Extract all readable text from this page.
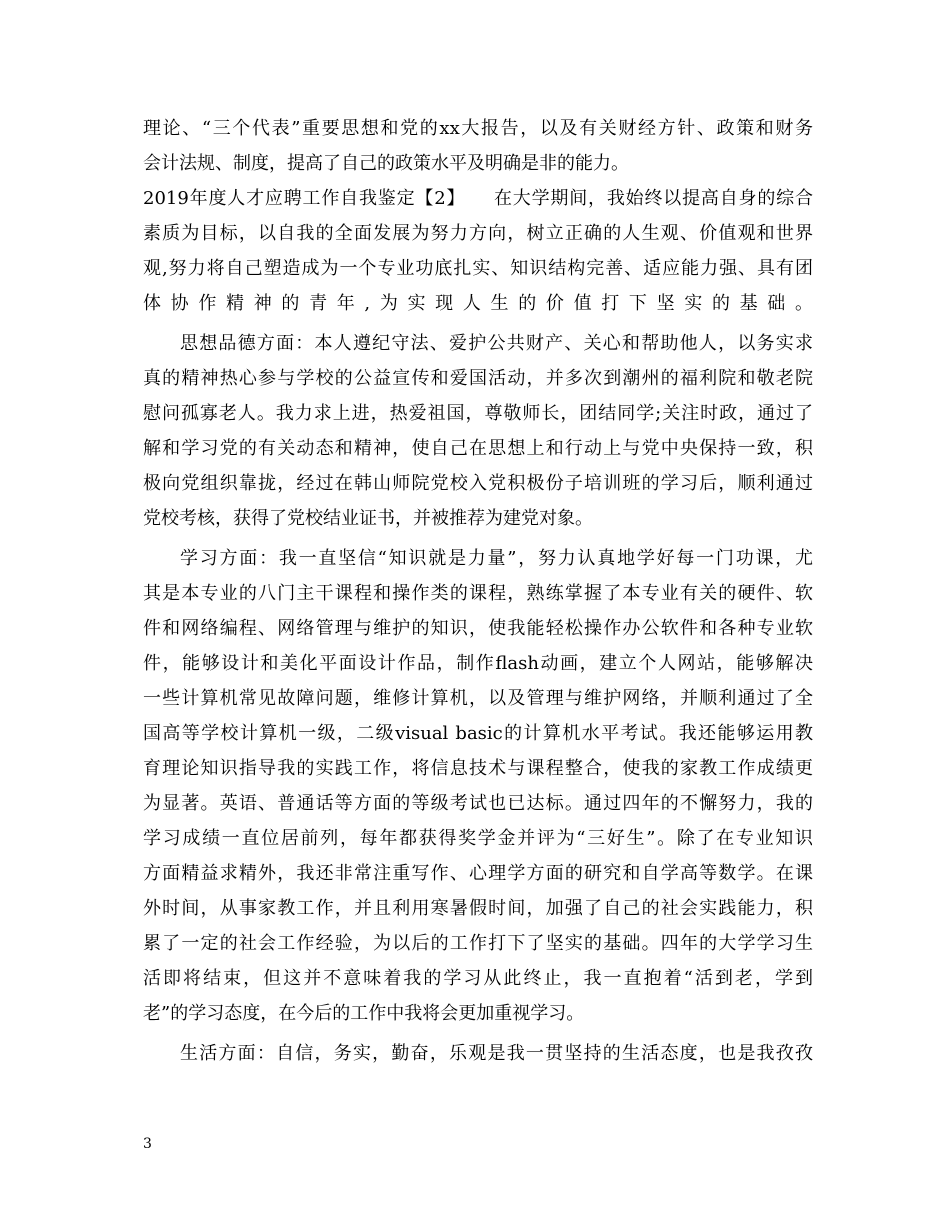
理论、“三个代表”重要思想和党的xx大报告，以及有关财经方针、政策和财务
会计法规、制度，提高了自己的政策水平及明确是非的能力。
2019年度人才应聘工作自我鉴定【2】　　在大学期间，我始终以提高自身的综合
素质为目标，以自我的全面发展为努力方向，树立正确的人生观、价值观和世界
观,努力将自己塑造成为一个专业功底扎实、知识结构完善、适应能力强、具有团
体协作精神的青年,为实现人生的价值打下坚实的基础。
思想品德方面：本人遵纪守法、爱护公共财产、关心和帮助他人，以务实求
真的精神热心参与学校的公益宣传和爱国活动，并多次到潮州的福利院和敬老院
慰问孤寡老人。我力求上进，热爱祖国，尊敬师长，团结同学;关注时政，通过了
解和学习党的有关动态和精神，使自己在思想上和行动上与党中央保持一致，积
极向党组织靠拢，经过在韩山师院党校入党积极份子培训班的学习后，顺利通过
党校考核，获得了党校结业证书，并被推荐为建党对象。
学习方面：我一直坚信“知识就是力量”，努力认真地学好每一门功课，尤
其是本专业的八门主干课程和操作类的课程，熟练掌握了本专业有关的硬件、软
件和网络编程、网络管理与维护的知识，使我能轻松操作办公软件和各种专业软
件，能够设计和美化平面设计作品，制作flash动画，建立个人网站，能够解决
一些计算机常见故障问题，维修计算机，以及管理与维护网络，并顺利通过了全
国高等学校计算机一级，二级visual basic的计算机水平考试。我还能够运用教
育理论知识指导我的实践工作，将信息技术与课程整合，使我的家教工作成绩更
为显著。英语、普通话等方面的等级考试也已达标。通过四年的不懈努力，我的
学习成绩一直位居前列，每年都获得奖学金并评为“三好生”。除了在专业知识
方面精益求精外，我还非常注重写作、心理学方面的研究和自学高等数学。在课
外时间，从事家教工作，并且利用寒暑假时间，加强了自己的社会实践能力，积
累了一定的社会工作经验，为以后的工作打下了坚实的基础。四年的大学学习生
活即将结束，但这并不意味着我的学习从此终止，我一直抱着“活到老，学到
老”的学习态度，在今后的工作中我将会更加重视学习。
生活方面：自信，务实，勤奋，乐观是我一贯坚持的生活态度，也是我孜孜
3
